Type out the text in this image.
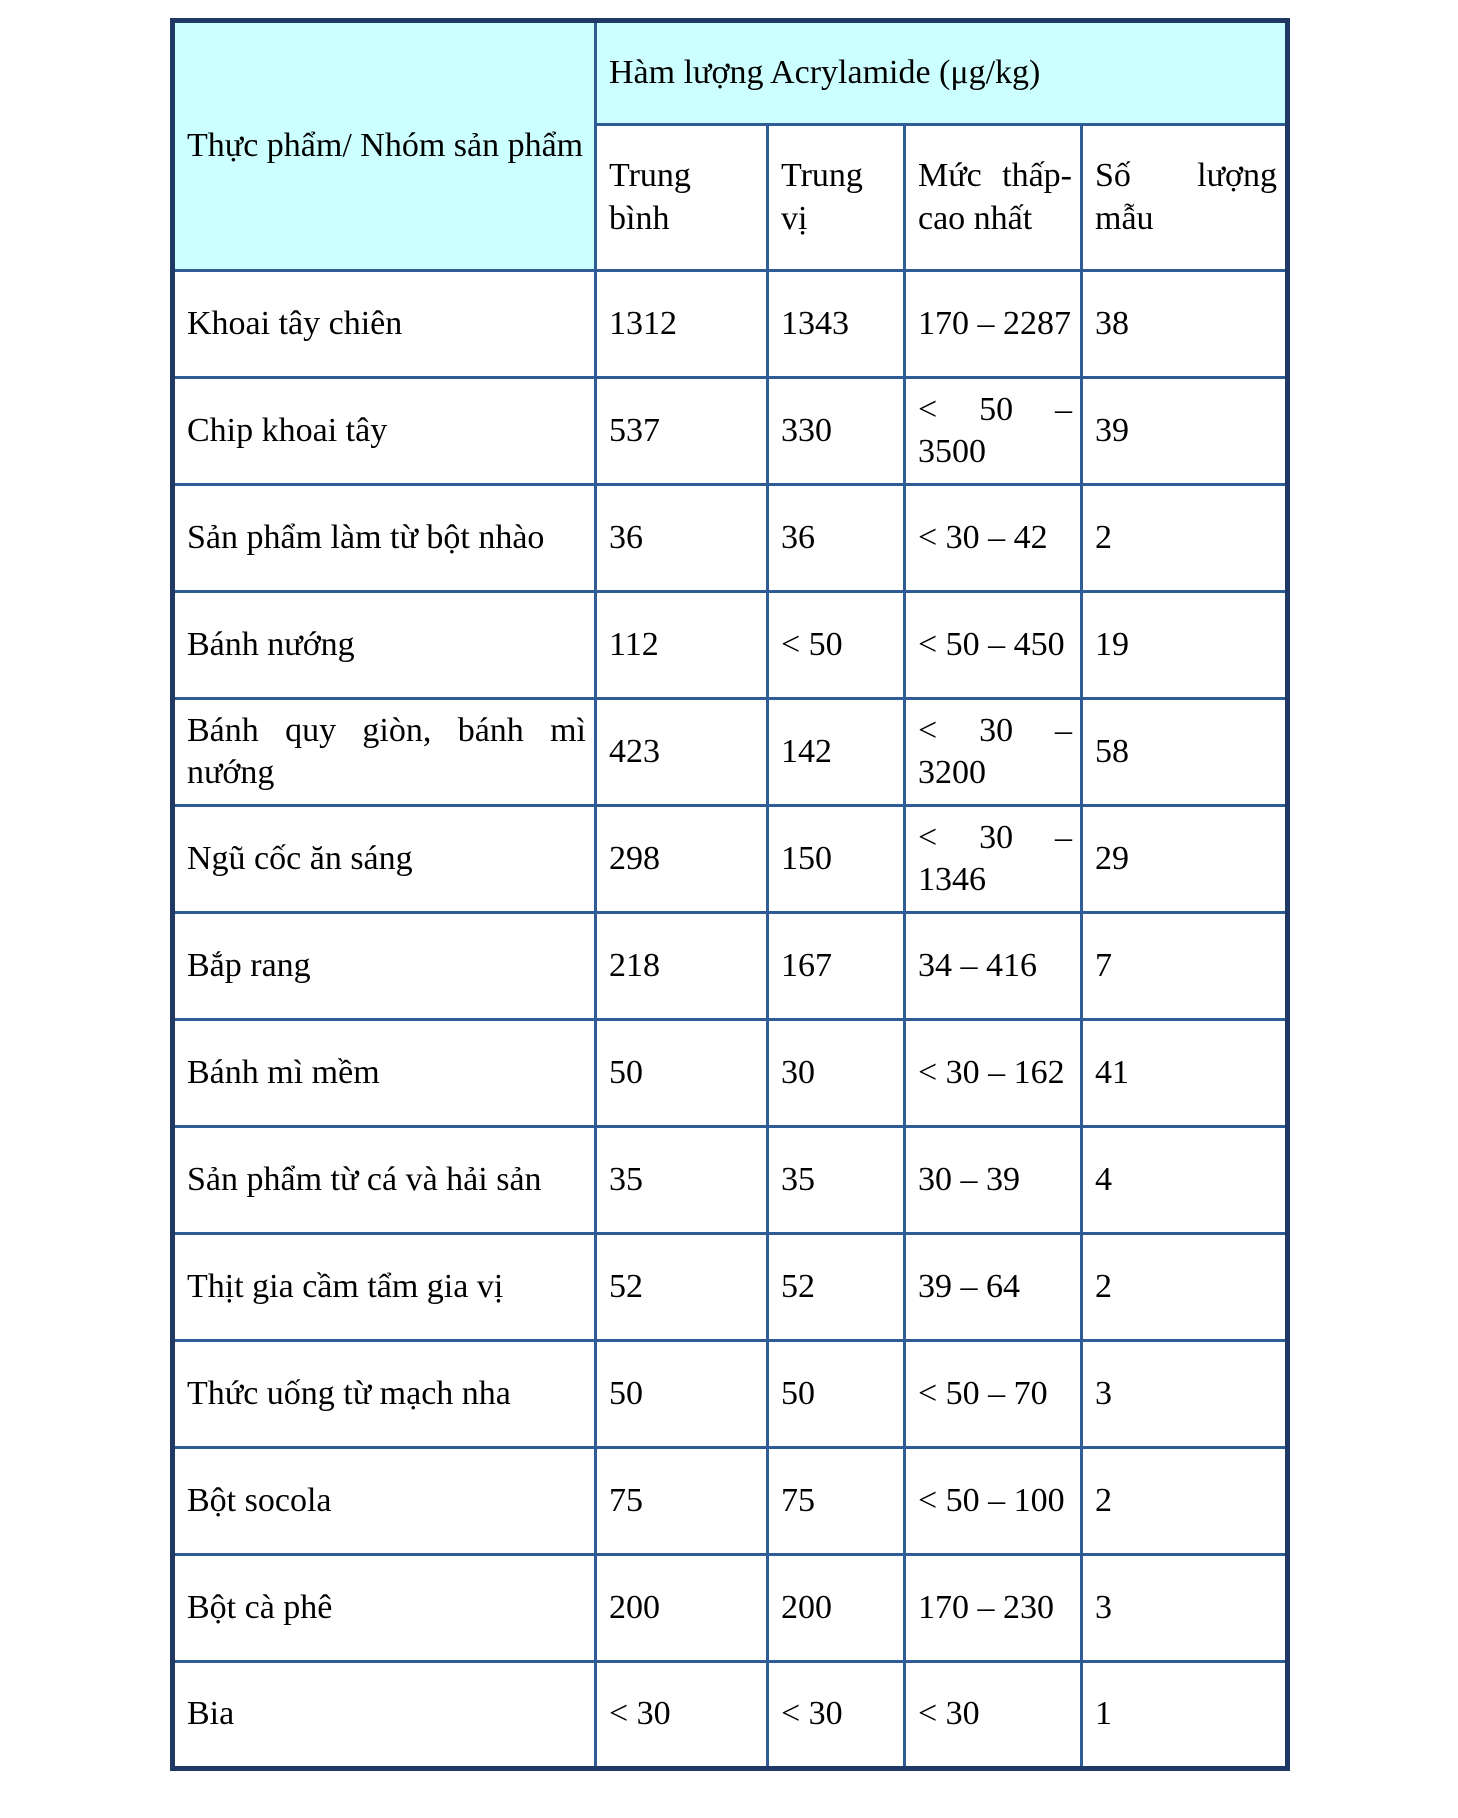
Thực phẩm/ Nhóm sản phẩm	Hàm lượng Acrylamide (μg/kg)			
	Trung bình	Trung vị	Mức thấp-cao nhất	Số lượng mẫu
Khoai tây chiên	1312	1343	170 – 2287	38
Chip khoai tây	537	330	< 50 – 3500	39
Sản phẩm làm từ bột nhào	36	36	< 30 – 42	2
Bánh nướng	112	< 50	< 50 – 450	19
Bánh quy giòn, bánh mì nướng	423	142	< 30 – 3200	58
Ngũ cốc ăn sáng	298	150	< 30 – 1346	29
Bắp rang	218	167	34 – 416	7
Bánh mì mềm	50	30	< 30 – 162	41
Sản phẩm từ cá và hải sản	35	35	30 – 39	4
Thịt gia cầm tẩm gia vị	52	52	39 – 64	2
Thức uống từ mạch nha	50	50	< 50 – 70	3
Bột socola	75	75	< 50 – 100	2
Bột cà phê	200	200	170 – 230	3
Bia	< 30	< 30	< 30	1
